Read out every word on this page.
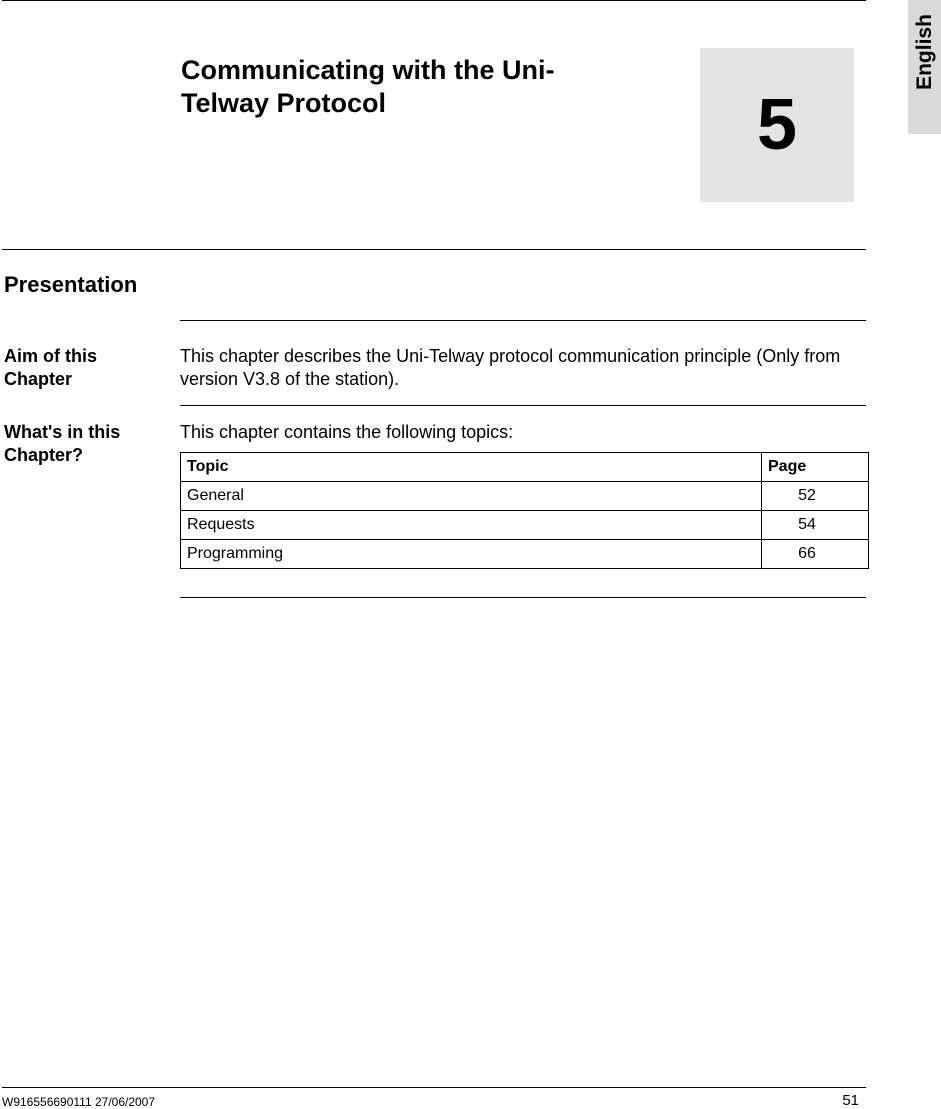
English
Communicating with the Uni-
Telway Protocol	5
Presentation
Aim of this Chapter
This chapter describes the Uni-Telway protocol communication principle (Only from version V3.8 of the station).
What's in this Chapter?
This chapter contains the following topics:
Topic	Page
General	52
Requests	54
Programming	66
W916556690111 27/06/2007	51
